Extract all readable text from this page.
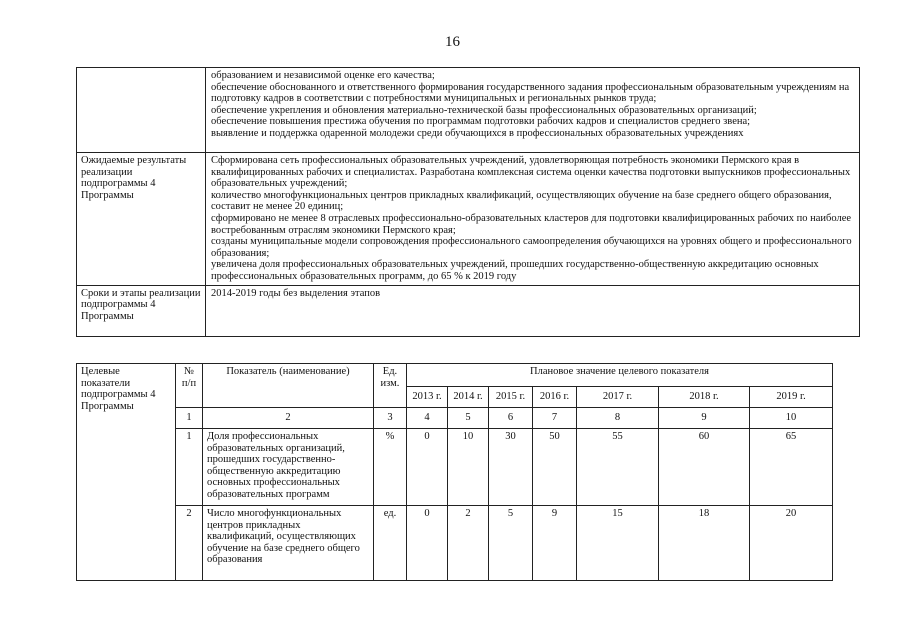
16

	образованием и независимой оценке его качества;
обеспечение обоснованного и ответственного формирования государственного задания профессиональным образовательным учреждениям на подготовку кадров в соответствии с потребностями муниципальных и региональных рынков труда;
обеспечение укрепления и обновления материально-технической базы профессиональных образовательных организаций;
обеспечение повышения престижа обучения по программам подготовки рабочих кадров и специалистов среднего звена;
выявление и поддержка одаренной молодежи среди обучающихся в профессиональных образовательных учреждениях

Ожидаемые результаты реализации подпрограммы 4 Программы	Сформирована сеть профессиональных образовательных учреждений, удовлетворяющая потребность экономики Пермского края в квалифицированных рабочих и специалистах. Разработана комплексная система оценки качества подготовки выпускников профессиональных образовательных учреждений;
количество многофункциональных центров прикладных квалификаций, осуществляющих обучение на базе среднего общего образования, составит не менее 20 единиц;
сформировано не менее 8 отраслевых профессионально-образовательных кластеров для подготовки квалифицированных рабочих по наиболее востребованным отраслям экономики Пермского края;
созданы муниципальные модели сопровождения профессионального самоопределения обучающихся на уровнях общего и профессионального образования;
увеличена доля профессиональных образовательных учреждений, прошедших государственно-общественную аккредитацию основных профессиональных образовательных программ, до 65 % к 2019 году

Сроки и этапы реализации подпрограммы 4 Программы	2014-2019 годы без выделения этапов
Целевые показатели подпрограммы 4 Программы	№ п/п	Показатель (наименование)	Ед. изм.	Плановое значение целевого показателя						
				2013 г.	2014 г.	2015 г.	2016 г.	2017 г.	2018 г.	2019 г.
	1	2	3	4	5	6	7	8	9	10
	1	Доля профессиональных образовательных организаций, прошедших государственно-общественную аккредитацию основных профессиональных образовательных программ	%	0	10	30	50	55	60	65
	2	Число многофункциональных центров прикладных квалификаций, осуществляющих обучение на базе среднего общего образования	ед.	0	2	5	9	15	18	20
